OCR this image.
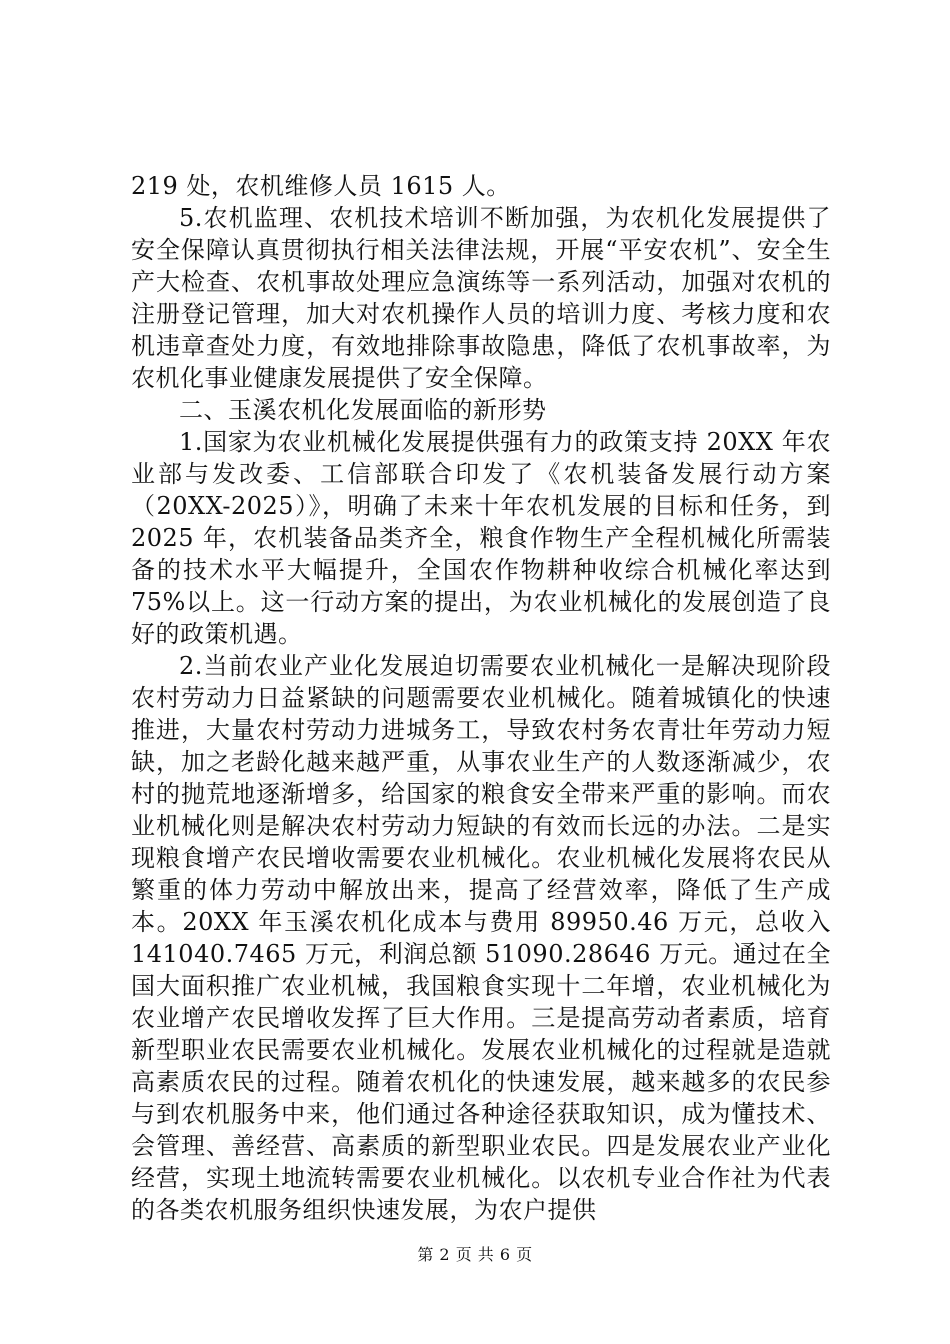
219 处，农机维修人员 1615 人。

5.农机监理、农机技术培训不断加强，为农机化发展提供了安全保障认真贯彻执行相关法律法规，开展“平安农机”、安全生产大检查、农机事故处理应急演练等一系列活动，加强对农机的注册登记管理，加大对农机操作人员的培训力度、考核力度和农机违章查处力度，有效地排除事故隐患，降低了农机事故率，为农机化事业健康发展提供了安全保障。

二、玉溪农机化发展面临的新形势

1.国家为农业机械化发展提供强有力的政策支持 20XX 年农业部与发改委、工信部联合印发了《农机装备发展行动方案（20XX-2025）》，明确了未来十年农机发展的目标和任务，到 2025 年，农机装备品类齐全，粮食作物生产全程机械化所需装备的技术水平大幅提升，全国农作物耕种收综合机械化率达到 75%以上。这一行动方案的提出，为农业机械化的发展创造了良好的政策机遇。

2.当前农业产业化发展迫切需要农业机械化一是解决现阶段农村劳动力日益紧缺的问题需要农业机械化。随着城镇化的快速推进，大量农村劳动力进城务工，导致农村务农青壮年劳动力短缺，加之老龄化越来越严重，从事农业生产的人数逐渐减少，农村的抛荒地逐渐增多，给国家的粮食安全带来严重的影响。而农业机械化则是解决农村劳动力短缺的有效而长远的办法。二是实现粮食增产农民增收需要农业机械化。农业机械化发展将农民从繁重的体力劳动中解放出来，提高了经营效率，降低了生产成本。20XX 年玉溪农机化成本与费用 89950.46 万元，总收入 141040.7465 万元，利润总额 51090.28646 万元。通过在全国大面积推广农业机械，我国粮食实现十二年增，农业机械化为农业增产农民增收发挥了巨大作用。三是提高劳动者素质，培育新型职业农民需要农业机械化。发展农业机械化的过程就是造就高素质农民的过程。随着农机化的快速发展，越来越多的农民参与到农机服务中来，他们通过各种途径获取知识，成为懂技术、会管理、善经营、高素质的新型职业农民。四是发展农业产业化经营，实现土地流转需要农业机械化。以农机专业合作社为代表的各类农机服务组织快速发展，为农户提供

第 2 页 共 6 页
